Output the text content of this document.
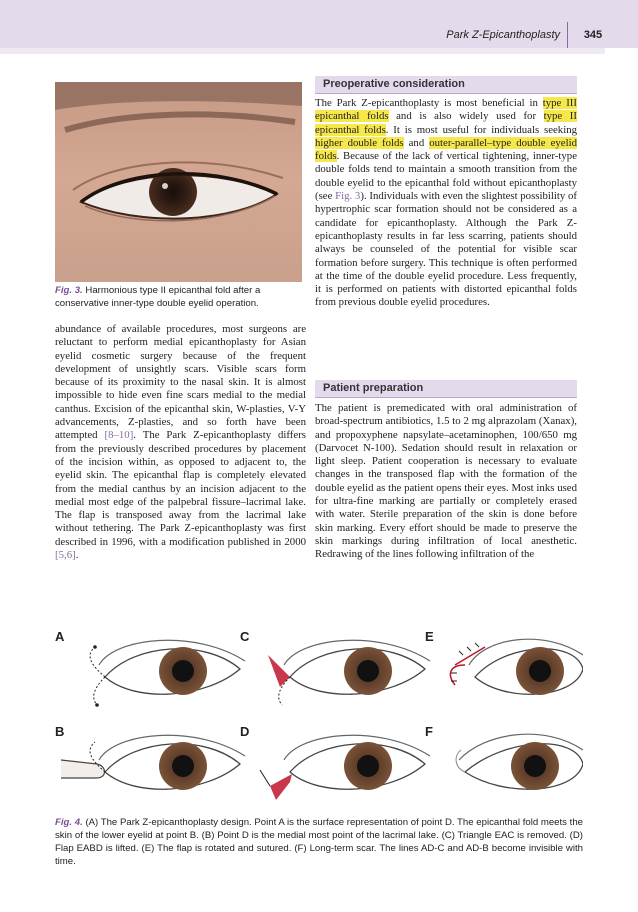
Park Z-Epicanthoplasty	345
Fig. 3. Harmonious type II epicanthal fold after a conservative inner-type double eyelid operation.

abundance of available procedures, most surgeons are reluctant to perform medial epicanthoplasty for Asian eyelid cosmetic surgery because of the frequent development of unsightly scars. Visible scars form because of its proximity to the nasal skin. It is almost impossible to hide even fine scars medial to the medial canthus. Excision of the epicanthal skin, W-plasties, V-Y advancements, Z-plasties, and so forth have been attempted [8–10]. The Park Z-epicanthoplasty differs from the previously described procedures by placement of the incision within, as opposed to adjacent to, the eyelid skin. The epicanthal flap is completely elevated from the medial canthus by an incision adjacent to the medial most edge of the palpebral fissure–lacrimal lake. The flap is transposed away from the lacrimal lake without tethering. The Park Z-epicanthoplasty was first described in 1996, with a modification published in 2000 [5,6].

Preoperative consideration

The Park Z-epicanthoplasty is most beneficial in type III epicanthal folds and is also widely used for type II epicanthal folds. It is most useful for individuals seeking higher double folds and outer-parallel–type double eyelid folds. Because of the lack of vertical tightening, inner-type double folds tend to maintain a smooth transition from the double eyelid to the epicanthal fold without epicanthoplasty (see Fig. 3). Individuals with even the slightest possibility of hypertrophic scar formation should not be considered as a candidate for epicanthoplasty. Although the Park Z-epicanthoplasty results in far less scarring, patients should always be counseled of the potential for visible scar formation before surgery. This technique is often performed at the time of the double eyelid procedure. Less frequently, it is performed on patients with distorted epicanthal folds from previous double eyelid procedures.

Patient preparation

The patient is premedicated with oral administration of broad-spectrum antibiotics, 1.5 to 2 mg alprazolam (Xanax), and propoxyphene napsylate–acetaminophen, 100/650 mg (Darvocet N-100). Sedation should result in relaxation or light sleep. Patient cooperation is necessary to evaluate changes in the transposed flap with the formation of the double eyelid as the patient opens their eyes. Most inks used for ultra-fine marking are partially or completely erased with water. Sterile preparation of the skin is done before skin marking. Every effort should be made to preserve the skin markings during infiltration of local anesthetic. Redrawing of the lines following infiltration of the

A	C	E
B	D	F
Fig. 4. (A) The Park Z-epicanthoplasty design. Point A is the surface representation of point D. The epicanthal fold meets the skin of the lower eyelid at point B. (B) Point D is the medial most point of the lacrimal lake. (C) Triangle EAC is removed. (D) Flap EABD is lifted. (E) The flap is rotated and sutured. (F) Long-term scar. The lines AD-C and AD-B become invisible with time.
